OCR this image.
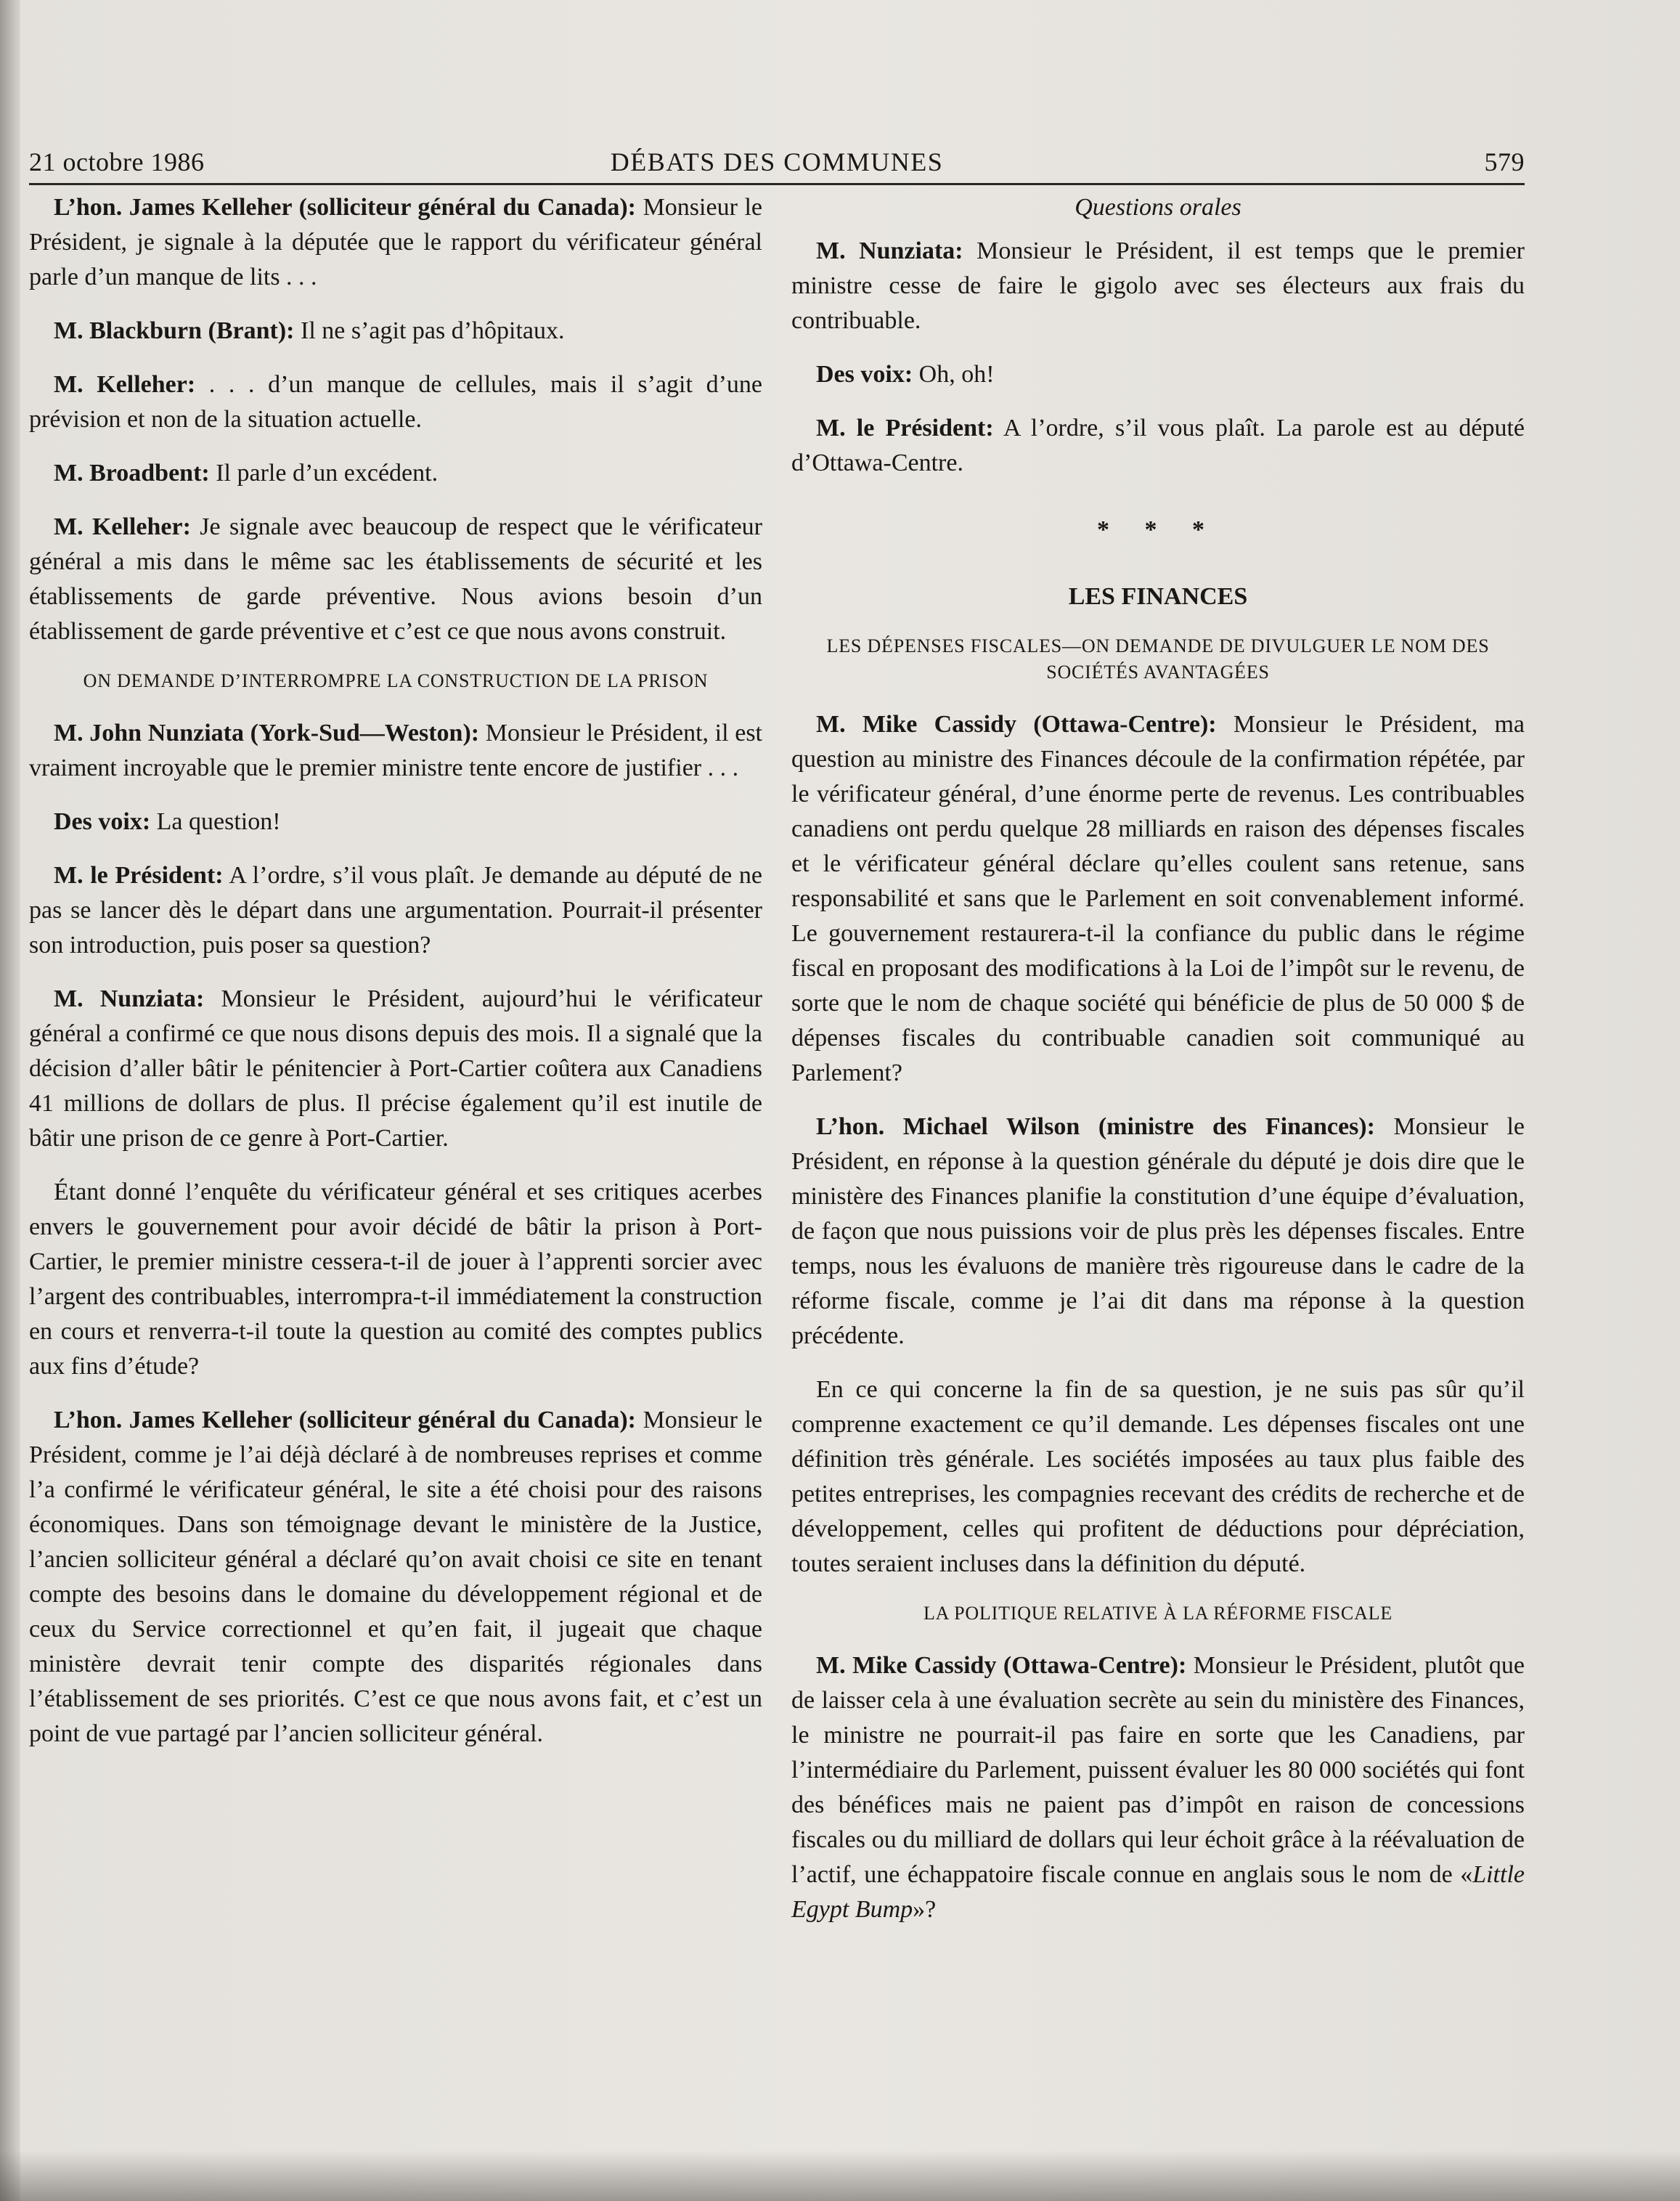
21 octobre 1986	DÉBATS DES COMMUNES	579

L’hon. James Kelleher (solliciteur général du Canada): Monsieur le Président, je signale à la députée que le rapport du vérificateur général parle d’un manque de lits . . .

M. Blackburn (Brant): Il ne s’agit pas d’hôpitaux.

M. Kelleher: . . . d’un manque de cellules, mais il s’agit d’une prévision et non de la situation actuelle.

M. Broadbent: Il parle d’un excédent.

M. Kelleher: Je signale avec beaucoup de respect que le vérificateur général a mis dans le même sac les établissements de sécurité et les établissements de garde préventive. Nous avions besoin d’un établissement de garde préventive et c’est ce que nous avons construit.

ON DEMANDE D’INTERROMPRE LA CONSTRUCTION DE LA PRISON

M. John Nunziata (York-Sud—Weston): Monsieur le Président, il est vraiment incroyable que le premier ministre tente encore de justifier . . .

Des voix: La question!

M. le Président: A l’ordre, s’il vous plaît. Je demande au député de ne pas se lancer dès le départ dans une argumentation. Pourrait-il présenter son introduction, puis poser sa question?

M. Nunziata: Monsieur le Président, aujourd’hui le vérificateur général a confirmé ce que nous disons depuis des mois. Il a signalé que la décision d’aller bâtir le pénitencier à Port-Cartier coûtera aux Canadiens 41 millions de dollars de plus. Il précise également qu’il est inutile de bâtir une prison de ce genre à Port-Cartier.

Étant donné l’enquête du vérificateur général et ses critiques acerbes envers le gouvernement pour avoir décidé de bâtir la prison à Port-Cartier, le premier ministre cessera-t-il de jouer à l’apprenti sorcier avec l’argent des contribuables, interrompra-t-il immédiatement la construction en cours et renverra-t-il toute la question au comité des comptes publics aux fins d’étude?

L’hon. James Kelleher (solliciteur général du Canada): Monsieur le Président, comme je l’ai déjà déclaré à de nombreuses reprises et comme l’a confirmé le vérificateur général, le site a été choisi pour des raisons économiques. Dans son témoignage devant le ministère de la Justice, l’ancien solliciteur général a déclaré qu’on avait choisi ce site en tenant compte des besoins dans le domaine du développement régional et de ceux du Service correctionnel et qu’en fait, il jugeait que chaque ministère devrait tenir compte des disparités régionales dans l’établissement de ses priorités. C’est ce que nous avons fait, et c’est un point de vue partagé par l’ancien solliciteur général.

Questions orales

M. Nunziata: Monsieur le Président, il est temps que le premier ministre cesse de faire le gigolo avec ses électeurs aux frais du contribuable.

Des voix: Oh, oh!

M. le Président: A l’ordre, s’il vous plaît. La parole est au député d’Ottawa-Centre.

* * *
LES FINANCES
LES DÉPENSES FISCALES—ON DEMANDE DE DIVULGUER LE NOM DES SOCIÉTÉS AVANTAGÉES

M. Mike Cassidy (Ottawa-Centre): Monsieur le Président, ma question au ministre des Finances découle de la confirmation répétée, par le vérificateur général, d’une énorme perte de revenus. Les contribuables canadiens ont perdu quelque 28 milliards en raison des dépenses fiscales et le vérificateur général déclare qu’elles coulent sans retenue, sans responsabilité et sans que le Parlement en soit convenablement informé. Le gouvernement restaurera-t-il la confiance du public dans le régime fiscal en proposant des modifications à la Loi de l’impôt sur le revenu, de sorte que le nom de chaque société qui bénéficie de plus de 50 000 $ de dépenses fiscales du contribuable canadien soit communiqué au Parlement?

L’hon. Michael Wilson (ministre des Finances): Monsieur le Président, en réponse à la question générale du député je dois dire que le ministère des Finances planifie la constitution d’une équipe d’évaluation, de façon que nous puissions voir de plus près les dépenses fiscales. Entre temps, nous les évaluons de manière très rigoureuse dans le cadre de la réforme fiscale, comme je l’ai dit dans ma réponse à la question précédente.

En ce qui concerne la fin de sa question, je ne suis pas sûr qu’il comprenne exactement ce qu’il demande. Les dépenses fiscales ont une définition très générale. Les sociétés imposées au taux plus faible des petites entreprises, les compagnies recevant des crédits de recherche et de développement, celles qui profitent de déductions pour dépréciation, toutes seraient incluses dans la définition du député.

LA POLITIQUE RELATIVE À LA RÉFORME FISCALE

M. Mike Cassidy (Ottawa-Centre): Monsieur le Président, plutôt que de laisser cela à une évaluation secrète au sein du ministère des Finances, le ministre ne pourrait-il pas faire en sorte que les Canadiens, par l’intermédiaire du Parlement, puissent évaluer les 80 000 sociétés qui font des bénéfices mais ne paient pas d’impôt en raison de concessions fiscales ou du milliard de dollars qui leur échoit grâce à la réévaluation de l’actif, une échappatoire fiscale connue en anglais sous le nom de «Little Egypt Bump»?
